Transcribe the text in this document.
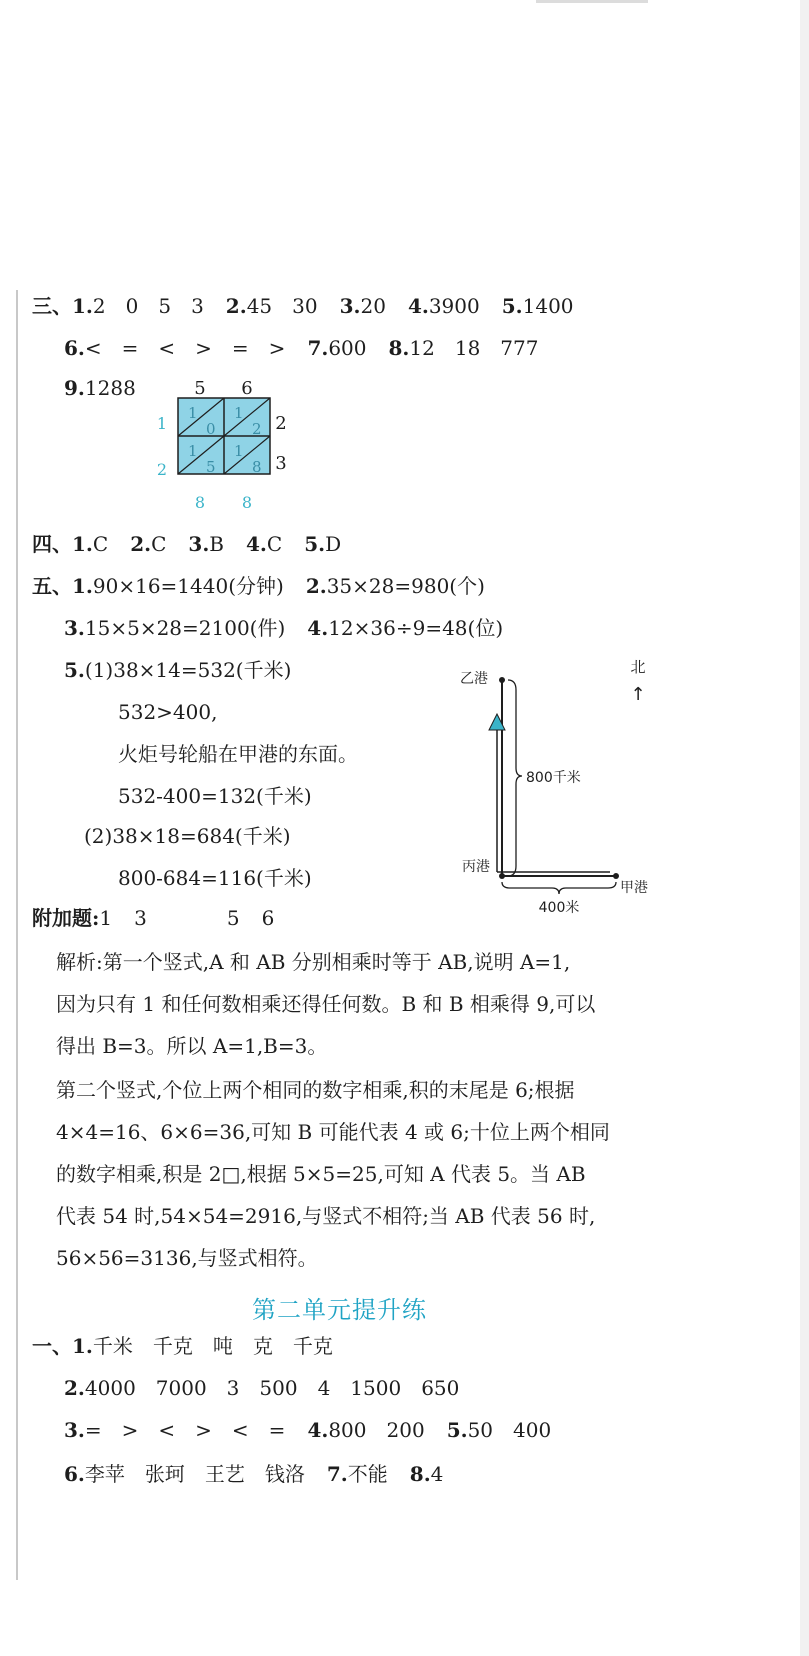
三、1.2　0　5　3 2.45　30 3.20 4.3900 5.1400
6.<　=　<　>　=　> 7.600 8.12　18　777
9.1288	5 6
2
3
1
2
8 8
1
0
1
2
1
5
1
8
四、1.C 2.C 3.B 4.C 5.D
五、1.90×16=1440(分钟) 2.35×28=980(个)
3.15×5×28=2100(件) 4.12×36÷9=48(位)
5.(1)38×14=532(千米)
532>400,
火炬号轮船在甲港的东面。
532-400=132(千米)
(2)38×18=684(千米)
800-684=116(千米)
北
↑
乙港
丙港
甲港
800千米
400米
附加题:1 3	5 6
解析:第一个竖式,A 和 AB 分别相乘时等于 AB,说明 A=1,
因为只有 1 和任何数相乘还得任何数。B 和 B 相乘得 9,可以
得出 B=3。所以 A=1,B=3。
第二个竖式,个位上两个相同的数字相乘,积的末尾是 6;根据
4×4=16、6×6=36,可知 B 可能代表 4 或 6;十位上两个相同
的数字相乘,积是 2□,根据 5×5=25,可知 A 代表 5。当 AB
代表 54 时,54×54=2916,与竖式不相符;当 AB 代表 56 时,
56×56=3136,与竖式相符。
第二单元提升练
一、1.千米　千克　吨　克　千克
2.4000　7000　3　500　4　1500　650
3.=　>　<　>　<　= 4.800　200 5.50　400
6.李苹　张珂　王艺　钱洛 7.不能 8.4
